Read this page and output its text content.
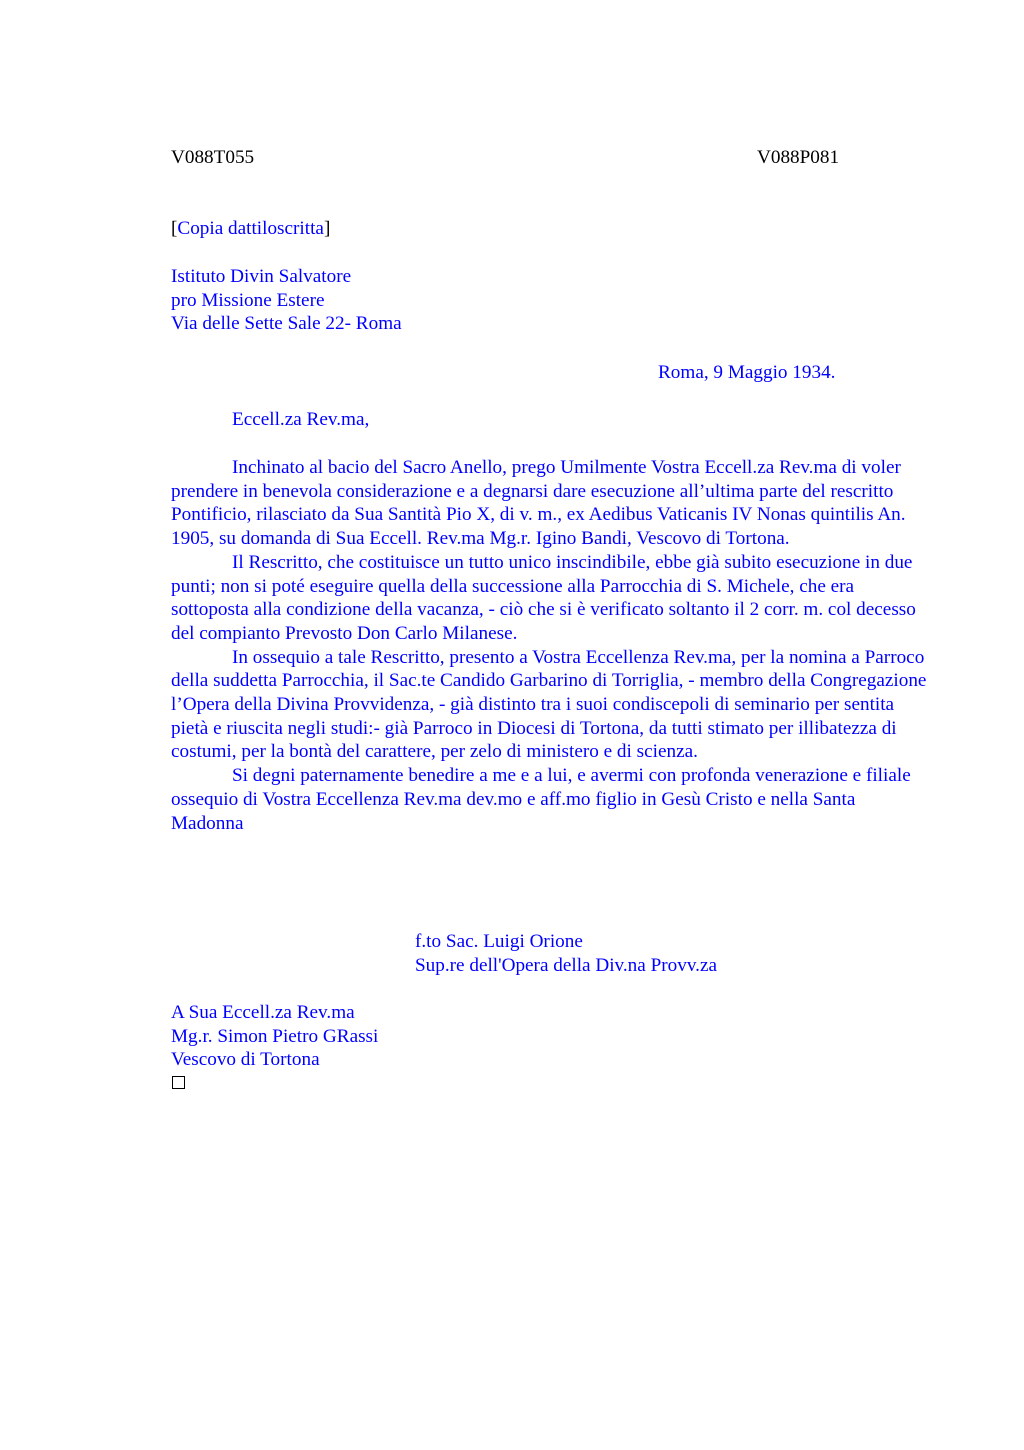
V088T055	V088P081
[Copia dattiloscritta]
Istituto Divin Salvatore
pro Missione Estere
Via delle Sette Sale 22- Roma
Roma, 9 Maggio 1934.
Eccell.za Rev.ma,

Inchinato al bacio del Sacro Anello, prego Umilmente Vostra Eccell.za Rev.ma di voler prendere in benevola considerazione e a degnarsi dare esecuzione all’ultima parte del rescritto Pontificio, rilasciato da Sua Santità Pio X, di v. m., ex Aedibus Vaticanis IV Nonas quintilis An. 1905, su domanda di Sua Eccell. Rev.ma Mg.r. Igino Bandi, Vescovo di Tortona.

Il Rescritto, che costituisce un tutto unico inscindibile, ebbe già subito esecuzione in due punti; non si poté eseguire quella della successione alla Parrocchia di S. Michele, che era sottoposta alla condizione della vacanza, - ciò che si è verificato soltanto il 2 corr. m. col decesso del compianto Prevosto Don Carlo Milanese.

In ossequio a tale Rescritto, presento a Vostra Eccellenza Rev.ma, per la nomina a Parroco della suddetta Parrocchia, il Sac.te Candido Garbarino di Torriglia, - membro della Congregazione l’Opera della Divina Provvidenza, - già distinto tra i suoi condiscepoli di seminario per sentita pietà e riuscita negli studi:- già Parroco in Diocesi di Tortona, da tutti stimato per illibatezza di costumi, per la bontà del carattere, per zelo di ministero e di scienza.

Si degni paternamente benedire a me e a lui, e avermi con profonda venerazione e filiale ossequio di Vostra Eccellenza Rev.ma dev.mo e aff.mo figlio in Gesù Cristo e nella Santa Madonna

f.to Sac. Luigi Orione
Sup.re dell'Opera della Div.na Provv.za
A Sua Eccell.za Rev.ma
Mg.r. Simon Pietro GRassi
Vescovo di Tortona
